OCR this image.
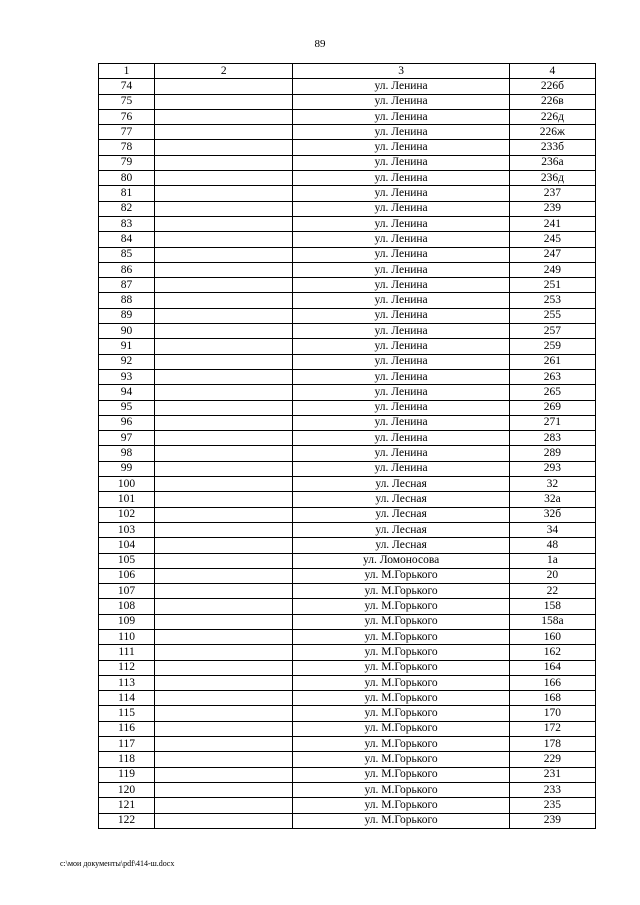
89
1	2	3	4
74		ул. Ленина	226б
75		ул. Ленина	226в
76		ул. Ленина	226д
77		ул. Ленина	226ж
78		ул. Ленина	233б
79		ул. Ленина	236а
80		ул. Ленина	236д
81		ул. Ленина	237
82		ул. Ленина	239
83		ул. Ленина	241
84		ул. Ленина	245
85		ул. Ленина	247
86		ул. Ленина	249
87		ул. Ленина	251
88		ул. Ленина	253
89		ул. Ленина	255
90		ул. Ленина	257
91		ул. Ленина	259
92		ул. Ленина	261
93		ул. Ленина	263
94		ул. Ленина	265
95		ул. Ленина	269
96		ул. Ленина	271
97		ул. Ленина	283
98		ул. Ленина	289
99		ул. Ленина	293
100		ул. Лесная	32
101		ул. Лесная	32а
102		ул. Лесная	32б
103		ул. Лесная	34
104		ул. Лесная	48
105		ул. Ломоносова	1а
106		ул. М.Горького	20
107		ул. М.Горького	22
108		ул. М.Горького	158
109		ул. М.Горького	158а
110		ул. М.Горького	160
111		ул. М.Горького	162
112		ул. М.Горького	164
113		ул. М.Горького	166
114		ул. М.Горького	168
115		ул. М.Горького	170
116		ул. М.Горького	172
117		ул. М.Горького	178
118		ул. М.Горького	229
119		ул. М.Горького	231
120		ул. М.Горького	233
121		ул. М.Горького	235
122		ул. М.Горького	239
c:\мои документы\pdf\414-ш.docx
